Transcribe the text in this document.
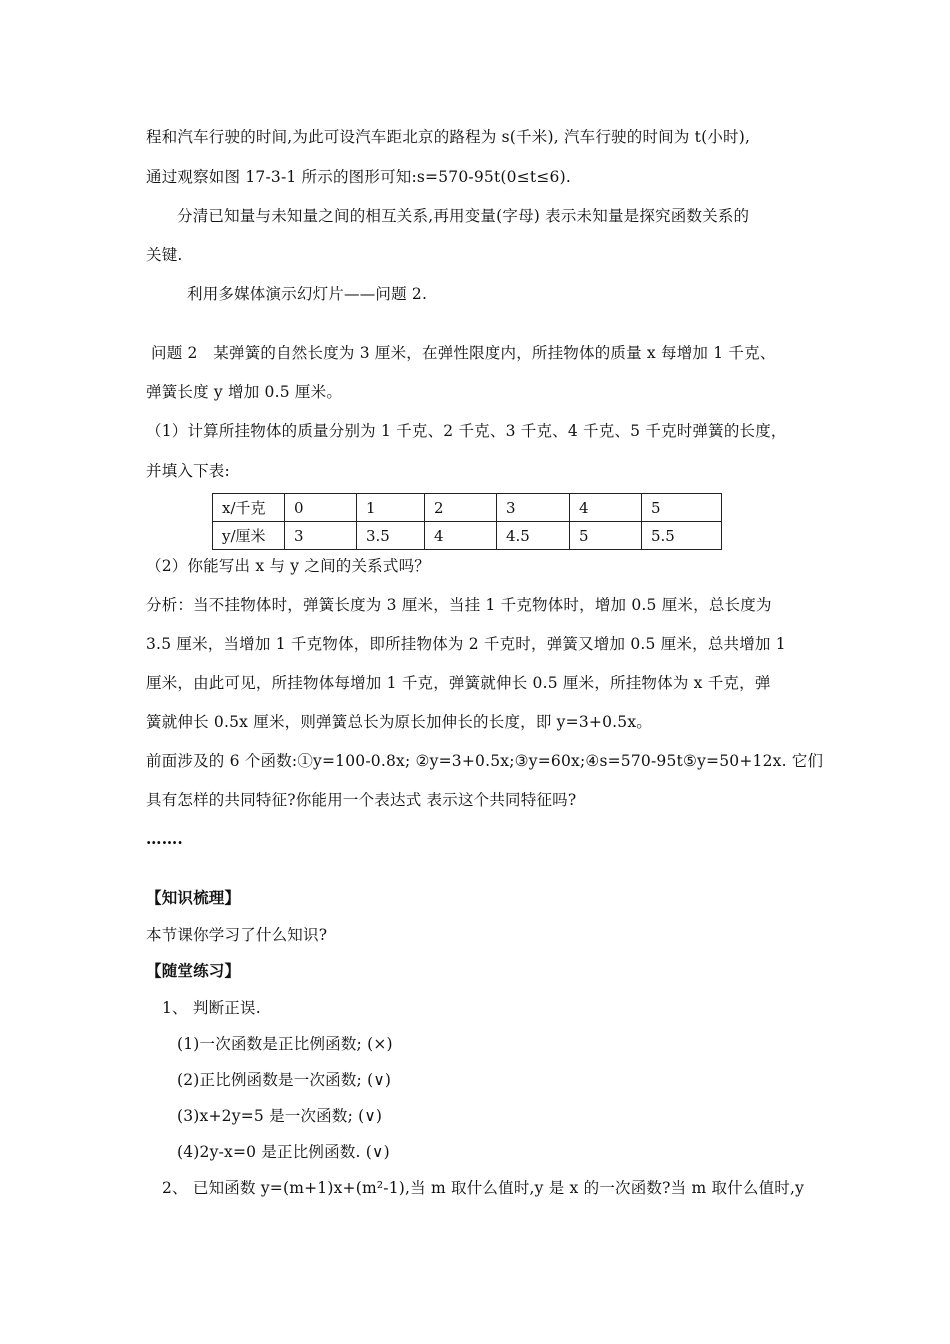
程和汽车行驶的时间,为此可设汽车距北京的路程为 s(千米), 汽车行驶的时间为 t(小时),
通过观察如图 17-3-1 所示的图形可知:s=570-95t(0≤t≤6).
分清已知量与未知量之间的相互关系,再用变量(字母) 表示未知量是探究函数关系的
关键.
利用多媒体演示幻灯片——问题 2.
问题 2　某弹簧的自然长度为 3 厘米，在弹性限度内，所挂物体的质量 x 每增加 1 千克、
弹簧长度 y 增加 0.5 厘米。
（1）计算所挂物体的质量分别为 1 千克、2 千克、3 千克、4 千克、5 千克时弹簧的长度，
并填入下表:
x/千克	0	1	2	3	4	5
y/厘米	3	3.5	4	4.5	5	5.5
（2）你能写出 x 与 y 之间的关系式吗？
分析：当不挂物体时，弹簧长度为 3 厘米，当挂 1 千克物体时，增加 0.5 厘米，总长度为
3.5 厘米，当增加 1 千克物体，即所挂物体为 2 千克时，弹簧又增加 0.5 厘米，总共增加 1
厘米，由此可见，所挂物体每增加 1 千克，弹簧就伸长 0.5 厘米，所挂物体为 x 千克，弹
簧就伸长 0.5x 厘米，则弹簧总长为原长加伸长的长度，即 y=3+0.5x。
前面涉及的 6 个函数:①y=100-0.8x; ②y=3+0.5x;③y=60x;④s=570-95t⑤y=50+12x. 它们
具有怎样的共同特征?你能用一个表达式 表示这个共同特征吗?
…….
【知识梳理】
本节课你学习了什么知识?
【随堂练习】
1、 判断正误.
(1)一次函数是正比例函数; (×)
(2)正比例函数是一次函数; (∨)
(3)x+2y=5 是一次函数; (∨)
(4)2y-x=0 是正比例函数. (∨)
2、 已知函数 y=(m+1)x+(m²-1),当 m 取什么值时,y 是 x 的一次函数?当 m 取什么值时,y
